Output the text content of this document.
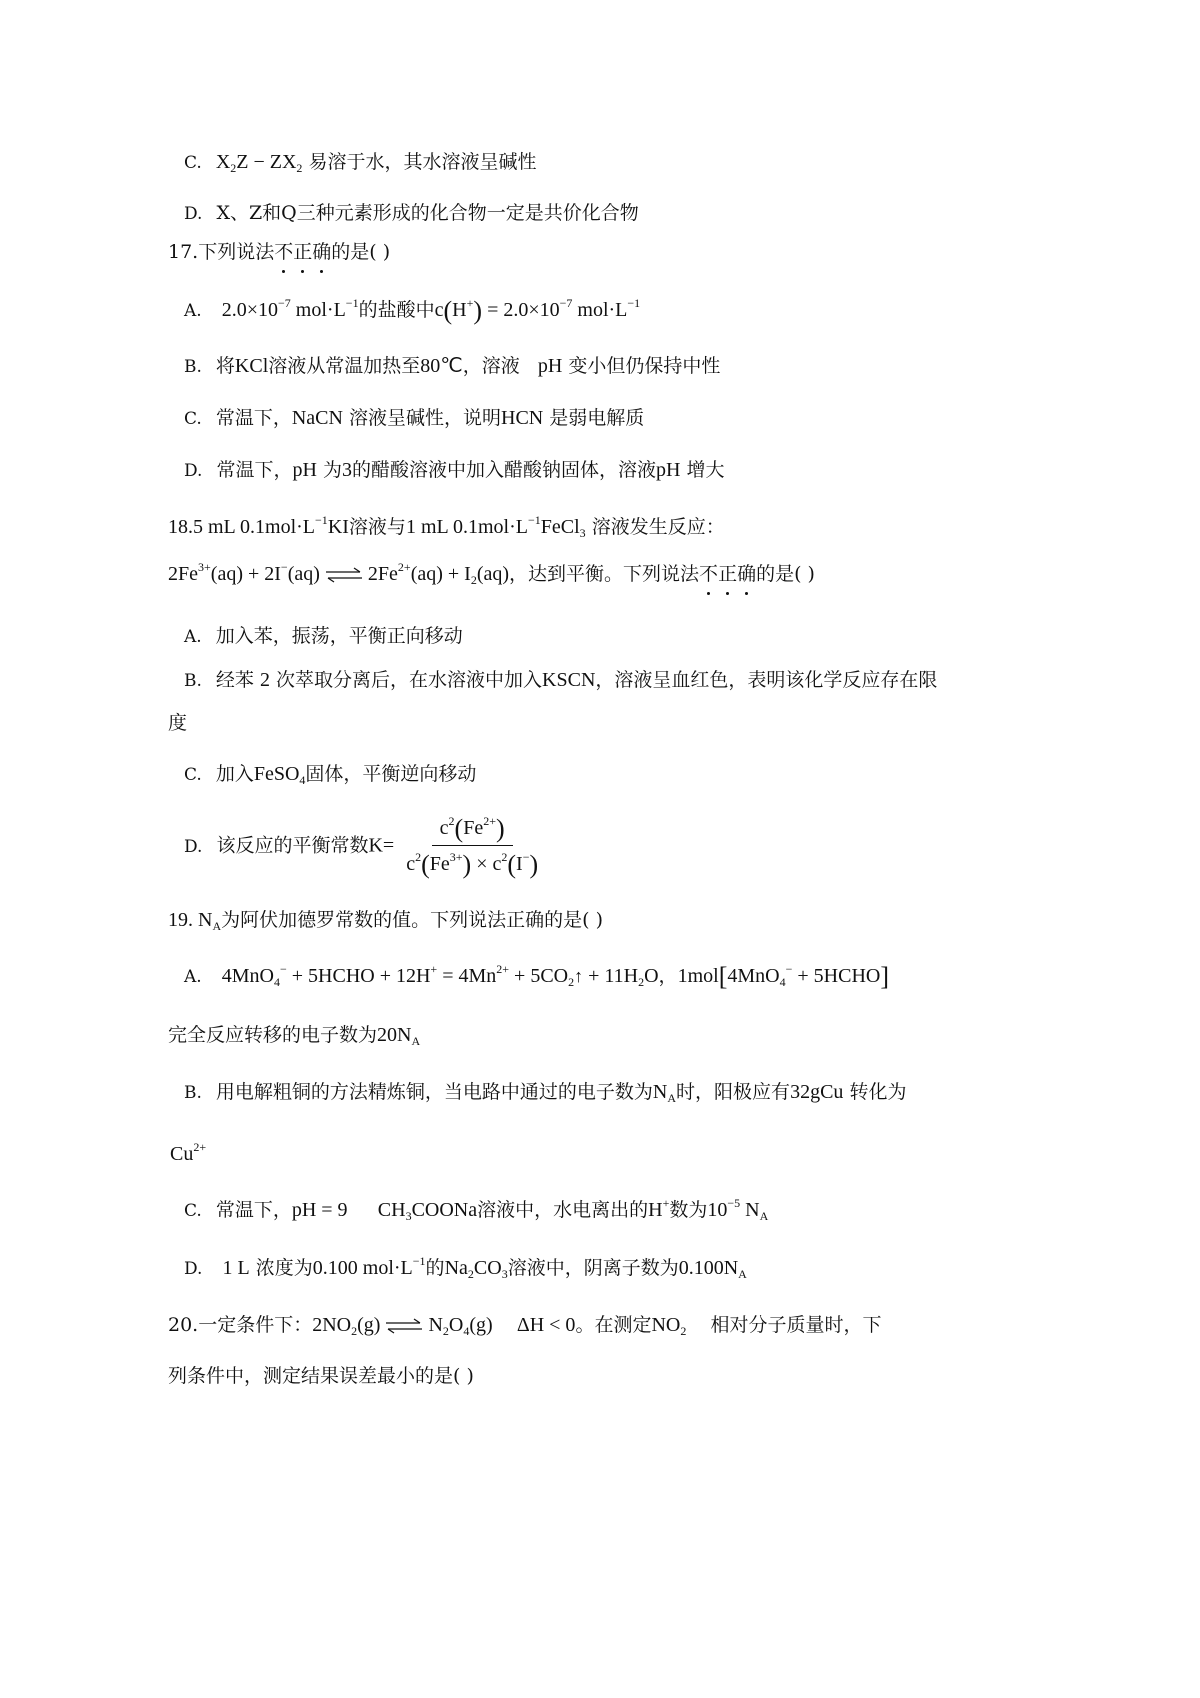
C. $X_2Z - ZX_2$ 易溶于水，其水溶液呈碱性
D. X、Z和Q三种元素形成的化合物一定是共价化合物
17.下列说法不正确的是( )
A. $2.0\times 10^{-7}$ $mol\cdot L^{-1}$的盐酸中$c(H^+) = 2.0\times 10^{-7}$ $mol\cdot L^{-1}$
B. 将KCl溶液从常温加热至80℃，溶液 pH 变小但仍保持中性
C. 常温下，NaCN 溶液呈碱性，说明HCN 是弱电解质
D. 常温下，pH 为3的醋酸溶液中加入醋酸钠固体，溶液pH 增大
18.5 mL $0.1mol\cdot L^{-1}KI$溶液与1 mL $0.1mol\cdot L^{-1}FeCl_3$ 溶液发生反应：
$2Fe^{3+}(aq) + 2I^-(aq)$ ⇌ $2Fe^{2+}(aq) + I_2(aq)$，达到平衡。下列说法不正确的是( )
A. 加入苯，振荡，平衡正向移动
B. 经苯 2 次萃取分离后，在水溶液中加入KSCN，溶液呈血红色，表明该化学反应存在限
度
C. 加入FeSO$_4$固体，平衡逆向移动
D. 该反应的平衡常数$K= \frac{c^2(Fe^{2+})}{c^2(Fe^{3+}) \times c^2(I^-)}$
19. $N_A$为阿伏加德罗常数的值。下列说法正确的是( )
A. 4MnO$_4$− + 5HCHO + $12H^+ = 4Mn^{2+}$ + $5CO_2↑ + 11H_2O$，1mol[4MnO$_4$− + 5HCHO]
完全反应转移的电子数为$20N_A$
B. 用电解粗铜的方法精炼铜，当电路中通过的电子数为$N_A$时，阳极应有32gCu 转化为
$Cu^{2+}$
C. 常温下，pH = 9 $CH_3COONa$溶液中，水电离出的H+数为$10^{-5}$ $N_A$
D. 1 L 浓度为0.100 $mol\cdot L^{-1}$的$Na_2CO_3$溶液中，阴离子数为$0.100N_A$
20.一定条件下：$2NO_2(g)$ ⇌ $N_2O_4(g) \Delta H < 0$。在测定$NO_2$ 相对分子质量时，下
列条件中，测定结果误差最小的是( )
